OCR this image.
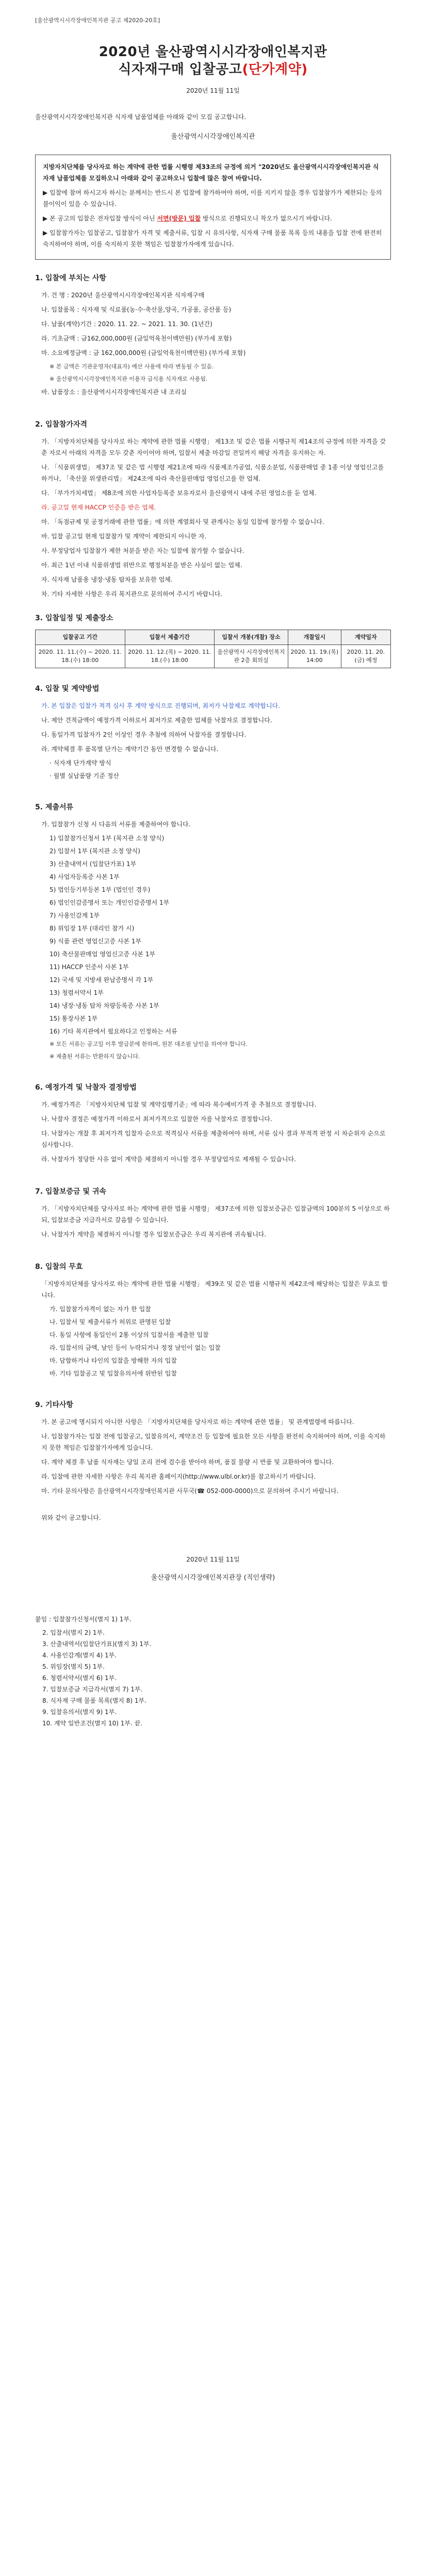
[울산광역시시각장애인복지관 공고 제2020-20호]
2020년 울산광역시시각장애인복지관
식자재구매 입찰공고(단가계약)
2020년 11월 11일
울산광역시시각장애인복지관 식자재 납품업체를 아래와 같이 모집 공고합니다.
울산광역시시각장애인복지관

지방자치단체를 당사자로 하는 계약에 관한 법률 시행령 제33조의 규정에 의거 "2020년도 울산광역시시각장애인복지관 식자재 납품업체를 모집하오니 아래와 같이 공고하오니 입찰에 많은 참여 바랍니다.

▶ 입찰에 참여 하시고자 하시는 분께서는 반드시 본 입찰에 참가하여야 하며, 이를 지키지 않을 경우 입찰참가가 제한되는 등의 불이익이 있을 수 있습니다.

▶ 본 공고의 입찰은 전자입찰 방식이 아닌 서면(방문) 입찰 방식으로 진행되오니 착오가 없으시기 바랍니다.

▶ 입찰참가자는 입찰공고, 입찰참가 자격 및 제출서류, 입찰 시 유의사항, 식자재 구매 물품 목록 등의 내용을 입찰 전에 완전히 숙지하여야 하며, 이를 숙지하지 못한 책임은 입찰참가자에게 있습니다.

1. 입찰에 부치는 사항
가. 건 명 : 2020년 울산광역시시각장애인복지관 식자재구매
나. 입찰품목 : 식자재 및 식료품(농·수·축산물,양곡, 가공품, 공산품 등)
다. 납품(계약)기간 : 2020. 11. 22. ~ 2021. 11. 30. (1년간)
라. 기초금액 : 금162,000,000원 (금일억육천이백만원) (부가세 포함)
마. 소요예정금액 : 금 162,000,000원 (금일억육천이백만원) (부가세 포함)
※ 본 금액은 기관운영자(대표자) 예산 사용에 따라 변동될 수 있음.
※ 울산광역시시각장애인복지관 이용자 급식용 식자재로 사용됨.
바. 납품장소 : 울산광역시시각장애인복지관 내 조리실
2. 입찰참가자격
가. 「지방자치단체를 당사자로 하는 계약에 관한 법률 시행령」 제13조 및 같은 법률 시행규칙 제14조의 규정에 의한 자격을 갖춘 자로서 아래의 자격을 모두 갖춘 자이어야 하며, 입찰서 제출 마감일 전일까지 해당 자격을 유지하는 자.
나. 「식품위생법」 제37조 및 같은 법 시행령 제21조에 따라 식품제조가공업, 식품소분업, 식품판매업 중 1종 이상 영업신고를 하거나, 「축산물 위생관리법」 제24조에 따라 축산물판매업 영업신고를 한 업체.
다. 「부가가치세법」 제8조에 의한 사업자등록증 보유자로서 울산광역시 내에 주된 영업소를 둔 업체.
라. 공고일 현재 HACCP 인증을 받은 업체.
마. 「독점규제 및 공정거래에 관한 법률」에 의한 계열회사 및 관계사는 동일 입찰에 참가할 수 없습니다.
바. 입찰 공고일 현재 입찰참가 및 계약이 제한되지 아니한 자.
사. 부정당업자 입찰참가 제한 처분을 받은 자는 입찰에 참가할 수 없습니다.
아. 최근 1년 이내 식품위생법 위반으로 행정처분을 받은 사실이 없는 업체.
자. 식자재 납품용 냉장·냉동 탑차를 보유한 업체.
차. 기타 자세한 사항은 우리 복지관으로 문의하여 주시기 바랍니다.
3. 입찰일정 및 제출장소
입찰공고 기간	입찰서 제출기간	입찰서 개봉(개찰) 장소	개찰일시	계약일자
2020. 11. 11.(수) ~ 2020. 11. 18.(수) 18:00	2020. 11. 12.(목) ~ 2020. 11. 18.(수) 18:00	울산광역시 시각장애인복지관 2층 회의실	2020. 11. 19.(목) 14:00	2020. 11. 20.(금) 예정
4. 입찰 및 계약방법
가. 본 입찰은 입찰가 적격 심사 후 계약 방식으로 진행되며, 최저가 낙찰제로 계약합니다.
나. 제안 견적금액이 예정가격 이하로서 최저가로 제출한 업체를 낙찰자로 결정합니다.
다. 동일가격 입찰자가 2인 이상인 경우 추첨에 의하여 낙찰자를 결정합니다.
라. 계약체결 후 품목별 단가는 계약기간 동안 변경할 수 없습니다.
· 식자재 단가계약 방식
· 월별 실납품량 기준 정산
5. 제출서류
가. 입찰참가 신청 시 다음의 서류를 제출하여야 합니다.
1) 입찰참가신청서 1부 (복지관 소정 양식)
2) 입찰서 1부 (복지관 소정 양식)
3) 산출내역서 (입찰단가표) 1부
4) 사업자등록증 사본 1부
5) 법인등기부등본 1부 (법인인 경우)
6) 법인인감증명서 또는 개인인감증명서 1부
7) 사용인감계 1부
8) 위임장 1부 (대리인 참가 시)
9) 식품 관련 영업신고증 사본 1부
10) 축산물판매업 영업신고증 사본 1부
11) HACCP 인증서 사본 1부
12) 국세 및 지방세 완납증명서 각 1부
13) 청렴서약서 1부
14) 냉장·냉동 탑차 차량등록증 사본 1부
15) 통장사본 1부
16) 기타 복지관에서 필요하다고 인정하는 서류
※ 모든 서류는 공고일 이후 발급분에 한하며, 원본 대조필 날인을 하여야 합니다.
※ 제출된 서류는 반환하지 않습니다.
6. 예정가격 및 낙찰자 결정방법
가. 예정가격은 「지방자치단체 입찰 및 계약집행기준」에 따라 복수예비가격 중 추첨으로 결정합니다.
나. 낙찰자 결정은 예정가격 이하로서 최저가격으로 입찰한 자를 낙찰자로 결정합니다.
다. 낙찰자는 개찰 후 최저가격 입찰자 순으로 적격심사 서류를 제출하여야 하며, 서류 심사 결과 부적격 판정 시 차순위자 순으로 심사합니다.
라. 낙찰자가 정당한 사유 없이 계약을 체결하지 아니할 경우 부정당업자로 제재될 수 있습니다.
7. 입찰보증금 및 귀속
가. 「지방자치단체를 당사자로 하는 계약에 관한 법률 시행령」 제37조에 의한 입찰보증금은 입찰금액의 100분의 5 이상으로 하되, 입찰보증금 지급각서로 갈음할 수 있습니다.
나. 낙찰자가 계약을 체결하지 아니할 경우 입찰보증금은 우리 복지관에 귀속됩니다.
8. 입찰의 무효
「지방자치단체를 당사자로 하는 계약에 관한 법률 시행령」 제39조 및 같은 법률 시행규칙 제42조에 해당하는 입찰은 무효로 합니다.
가. 입찰참가자격이 없는 자가 한 입찰
나. 입찰서 및 제출서류가 허위로 판명된 입찰
다. 동일 사항에 동일인이 2통 이상의 입찰서를 제출한 입찰
라. 입찰서의 금액, 날인 등이 누락되거나 정정 날인이 없는 입찰
마. 담합하거나 타인의 입찰을 방해한 자의 입찰
바. 기타 입찰공고 및 입찰유의서에 위반된 입찰
9. 기타사항
가. 본 공고에 명시되지 아니한 사항은 「지방자치단체를 당사자로 하는 계약에 관한 법률」 및 관계법령에 따릅니다.
나. 입찰참가자는 입찰 전에 입찰공고, 입찰유의서, 계약조건 등 입찰에 필요한 모든 사항을 완전히 숙지하여야 하며, 이를 숙지하지 못한 책임은 입찰참가자에게 있습니다.
다. 계약 체결 후 납품 식자재는 당일 조리 전에 검수를 받아야 하며, 품질 불량 시 반품 및 교환하여야 합니다.
라. 입찰에 관한 자세한 사항은 우리 복지관 홈페이지(http://www.ulbl.or.kr)를 참고하시기 바랍니다.
마. 기타 문의사항은 울산광역시시각장애인복지관 사무국(☎ 052-000-0000)으로 문의하여 주시기 바랍니다.
위와 같이 공고합니다.
2020년 11월 11일
울산광역시시각장애인복지관장 (직인생략)
붙임 : 입찰참가신청서(별지 1) 1부.
2. 입찰서(별지 2) 1부.
3. 산출내역서(입찰단가표)(별지 3) 1부.
4. 사용인감계(별지 4) 1부.
5. 위임장(별지 5) 1부.
6. 청렴서약서(별지 6) 1부.
7. 입찰보증금 지급각서(별지 7) 1부.
8. 식자재 구매 물품 목록(별지 8) 1부.
9. 입찰유의서(별지 9) 1부.
10. 계약 일반조건(별지 10) 1부. 끝.
